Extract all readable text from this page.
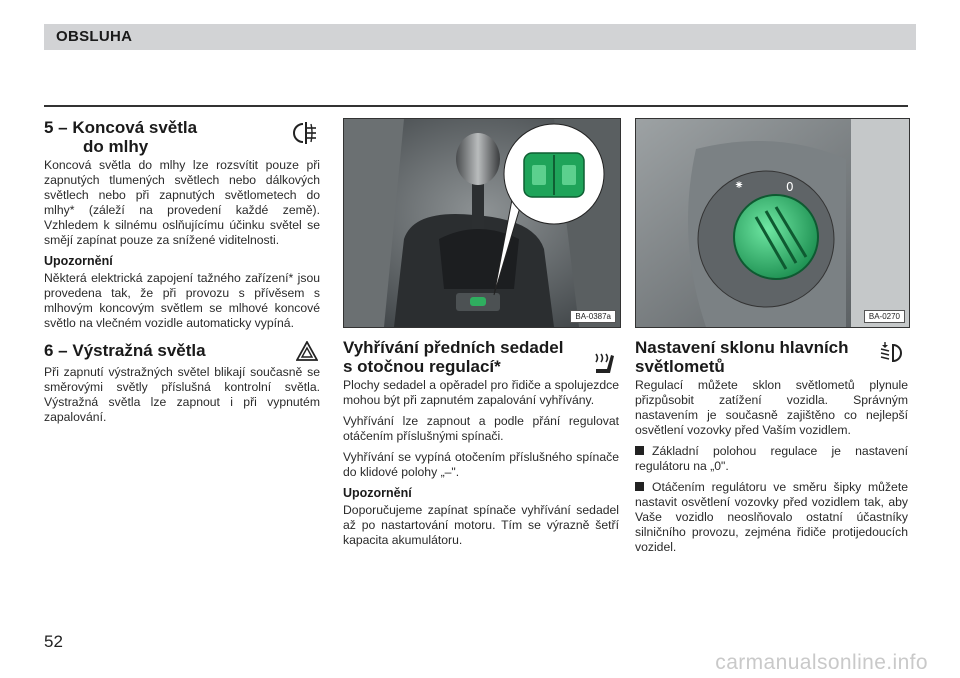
OBSLUHA
5 – Koncová světla
do mlhy

Koncová světla do mlhy lze rozsvítit pouze při zapnutých tlumených světlech nebo dálkových světlech nebo při zapnutých světlometech do mlhy* (záleží na provedení každé země). Vzhledem k silnému oslňujícímu účinku světel se smějí zapínat pouze za snížené viditelnosti.

Upozornění

Některá elektrická zapojení tažného zařízení* jsou provedena tak, že při provozu s přívěsem s mlhovým koncovým světlem se mlhové koncové světlo na vlečném vozidle automaticky vypíná.

6 – Výstražná světla

Při zapnutí výstražných světel blikají současně se směrovými světly příslušná kontrolní světla. Výstražná světla lze zapnout i při vypnutém zapalování.

BA-0387a
⁕	0
BA-0270
Vyhřívání předních sedadel
s otočnou regulací*

Plochy sedadel a opěradel pro řidiče a spolujezdce mohou být při zapnutém zapalování vyhřívány.

Vyhřívání lze zapnout a podle přání regulovat otáčením příslušnými spínači.

Vyhřívání se vypíná otočením příslušného spínače do klidové polohy „–".

Upozornění

Doporučujeme zapínat spínače vyhřívání sedadel až po nastartování motoru. Tím se výrazně šetří kapacita akumulátoru.

Nastavení sklonu hlavních
světlometů

Regulací můžete sklon světlometů plynule přizpůsobit zatížení vozidla. Správným nastavením je současně zajištěno co nejlepší osvětlení vozovky před Vaším vozidlem.

Základní polohou regulace je nastavení regulátoru na „0".

Otáčením regulátoru ve směru šipky můžete nastavit osvětlení vozovky před vozidlem tak, aby Vaše vozidlo neoslňovalo ostatní účastníky silničního provozu, zejména řidiče protijedoucích vozidel.

52
carmanualsonline.info
